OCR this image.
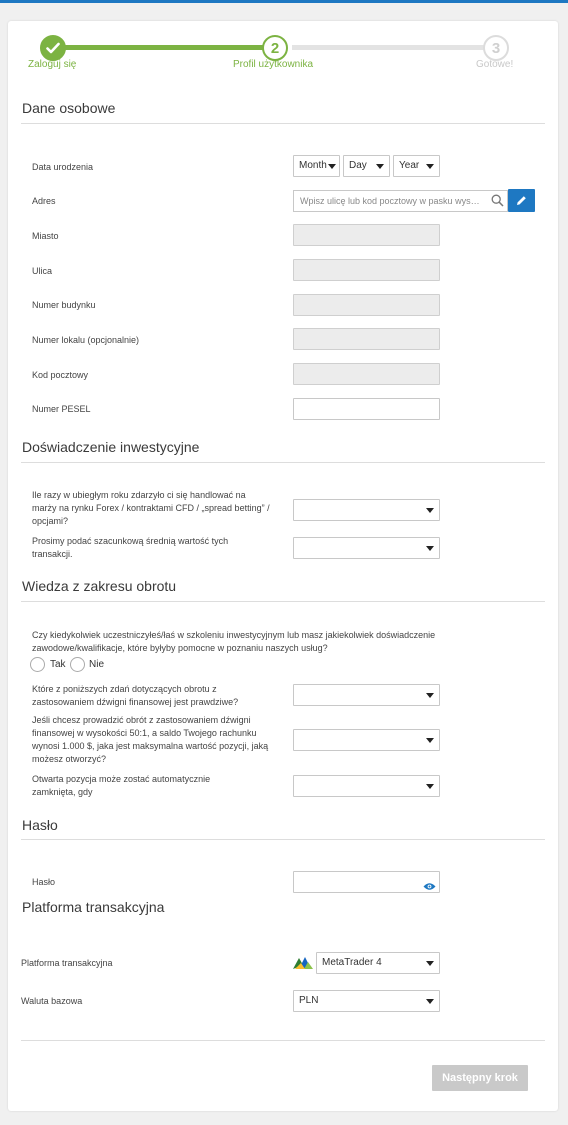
2	3
Zaloguj się	Profil użytkownika	Gotowe!
Dane osobowe
Data urodzenia	Month	Day	Year
Adres	Wpisz ulicę lub kod pocztowy w pasku wys…
Miasto
Ulica
Numer budynku
Numer lokalu (opcjonalnie)
Kod pocztowy
Numer PESEL
Doświadczenie inwestycyjne
Ile razy w ubiegłym roku zdarzyło ci się handlować na marży na rynku Forex / kontraktami CFD / „spread betting” / opcjami?
Prosimy podać szacunkową średnią wartość tych transakcji.
Wiedza z zakresu obrotu
Czy kiedykolwiek uczestniczyłeś/łaś w szkoleniu inwestycyjnym lub masz jakiekolwiek doświadczenie zawodowe/kwalifikacje, które byłyby pomocne w poznaniu naszych usług?
Tak Nie
Które z poniższych zdań dotyczących obrotu z zastosowaniem dźwigni finansowej jest prawdziwe?
Jeśli chcesz prowadzić obrót z zastosowaniem dźwigni finansowej w wysokości 50:1, a saldo Twojego rachunku wynosi 1.000 $, jaka jest maksymalna wartość pozycji, jaką możesz otworzyć?
Otwarta pozycja może zostać automatycznie zamknięta, gdy
Hasło
Hasło
Platforma transakcyjna
Platforma transakcyjna	MetaTrader 4
Waluta bazowa	PLN
Następny krok
